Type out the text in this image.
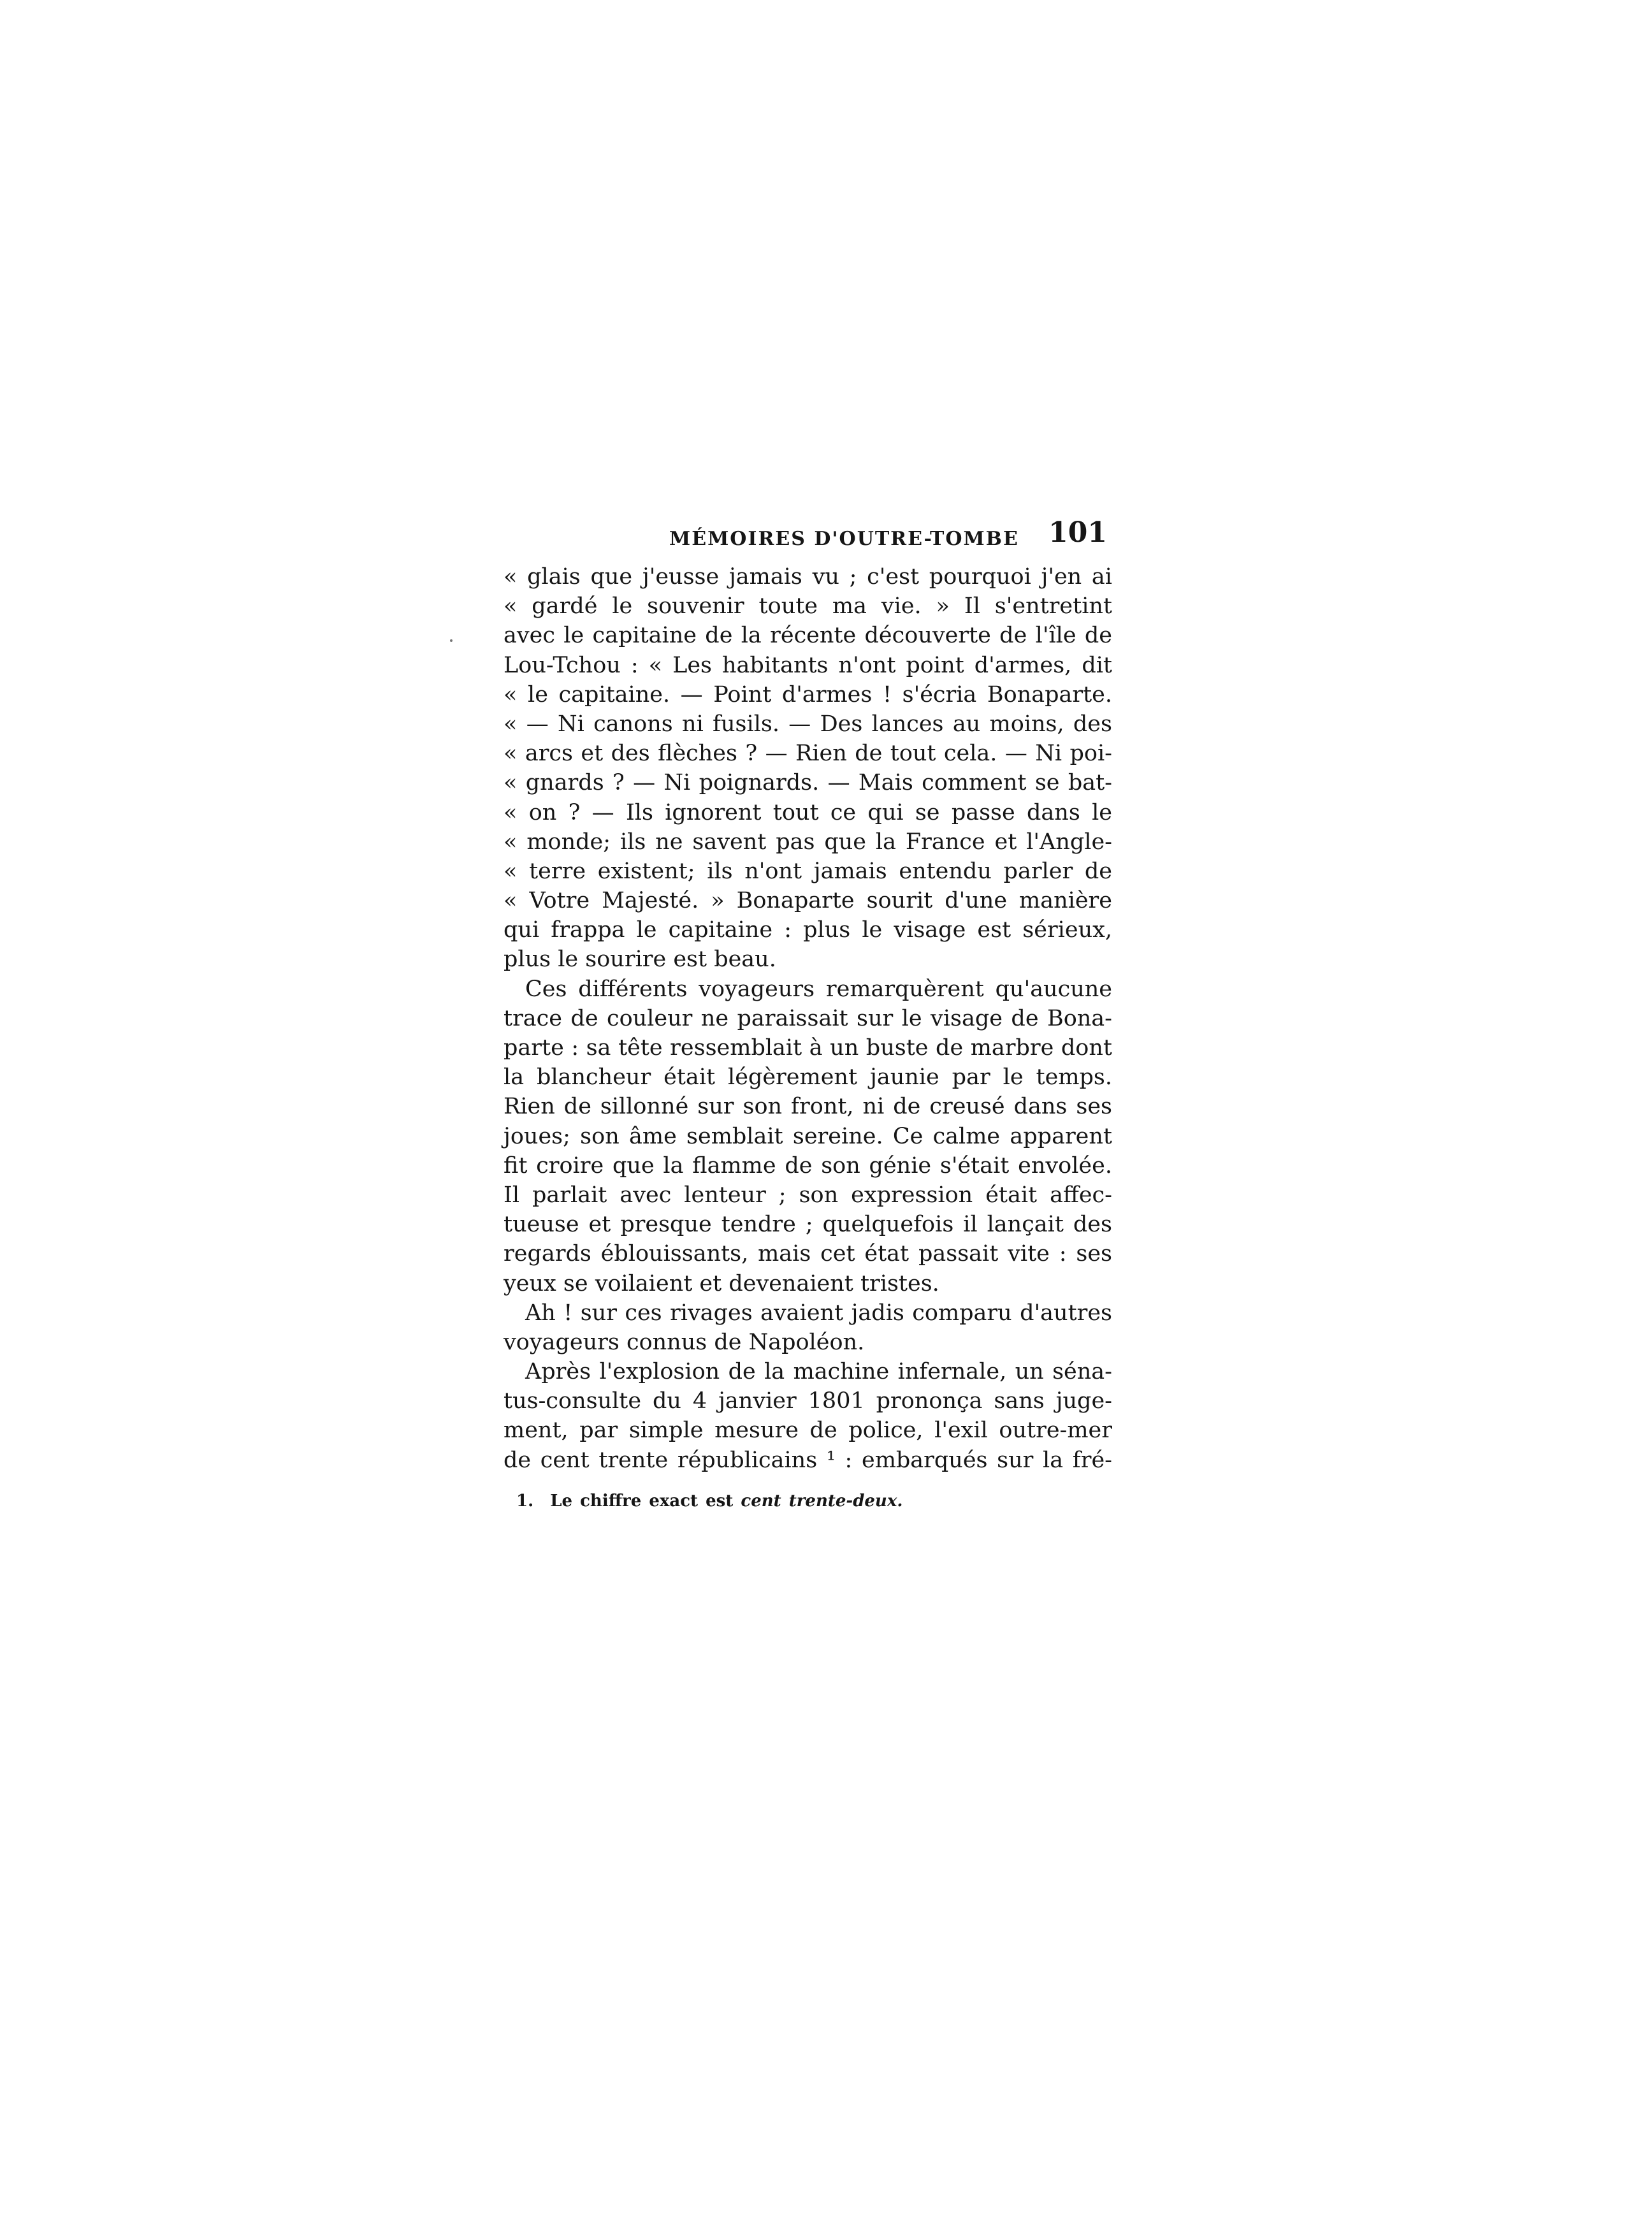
MÉMOIRES D'OUTRE-TOMBE 101
« glais que j'eusse jamais vu ; c'est pourquoi j'en ai
« gardé le souvenir toute ma vie. » Il s'entretint
avec le capitaine de la récente découverte de l'île de
Lou-Tchou : « Les habitants n'ont point d'armes, dit
« le capitaine. — Point d'armes ! s'écria Bonaparte.
« — Ni canons ni fusils. — Des lances au moins, des
« arcs et des flèches ? — Rien de tout cela. — Ni poi-
« gnards ? — Ni poignards. — Mais comment se bat-
« on ? — Ils ignorent tout ce qui se passe dans le
« monde; ils ne savent pas que la France et l'Angle-
« terre existent; ils n'ont jamais entendu parler de
« Votre Majesté. » Bonaparte sourit d'une manière
qui frappa le capitaine : plus le visage est sérieux,
plus le sourire est beau.
Ces différents voyageurs remarquèrent qu'aucune
trace de couleur ne paraissait sur le visage de Bona-
parte : sa tête ressemblait à un buste de marbre dont
la blancheur était légèrement jaunie par le temps.
Rien de sillonné sur son front, ni de creusé dans ses
joues; son âme semblait sereine. Ce calme apparent
fit croire que la flamme de son génie s'était envolée.
Il parlait avec lenteur ; son expression était affec-
tueuse et presque tendre ; quelquefois il lançait des
regards éblouissants, mais cet état passait vite : ses
yeux se voilaient et devenaient tristes.
Ah ! sur ces rivages avaient jadis comparu d'autres
voyageurs connus de Napoléon.
Après l'explosion de la machine infernale, un séna-
tus-consulte du 4 janvier 1801 prononça sans juge-
ment, par simple mesure de police, l'exil outre-mer
de cent trente républicains ¹ : embarqués sur la fré-
1. Le chiffre exact est cent trente-deux.
